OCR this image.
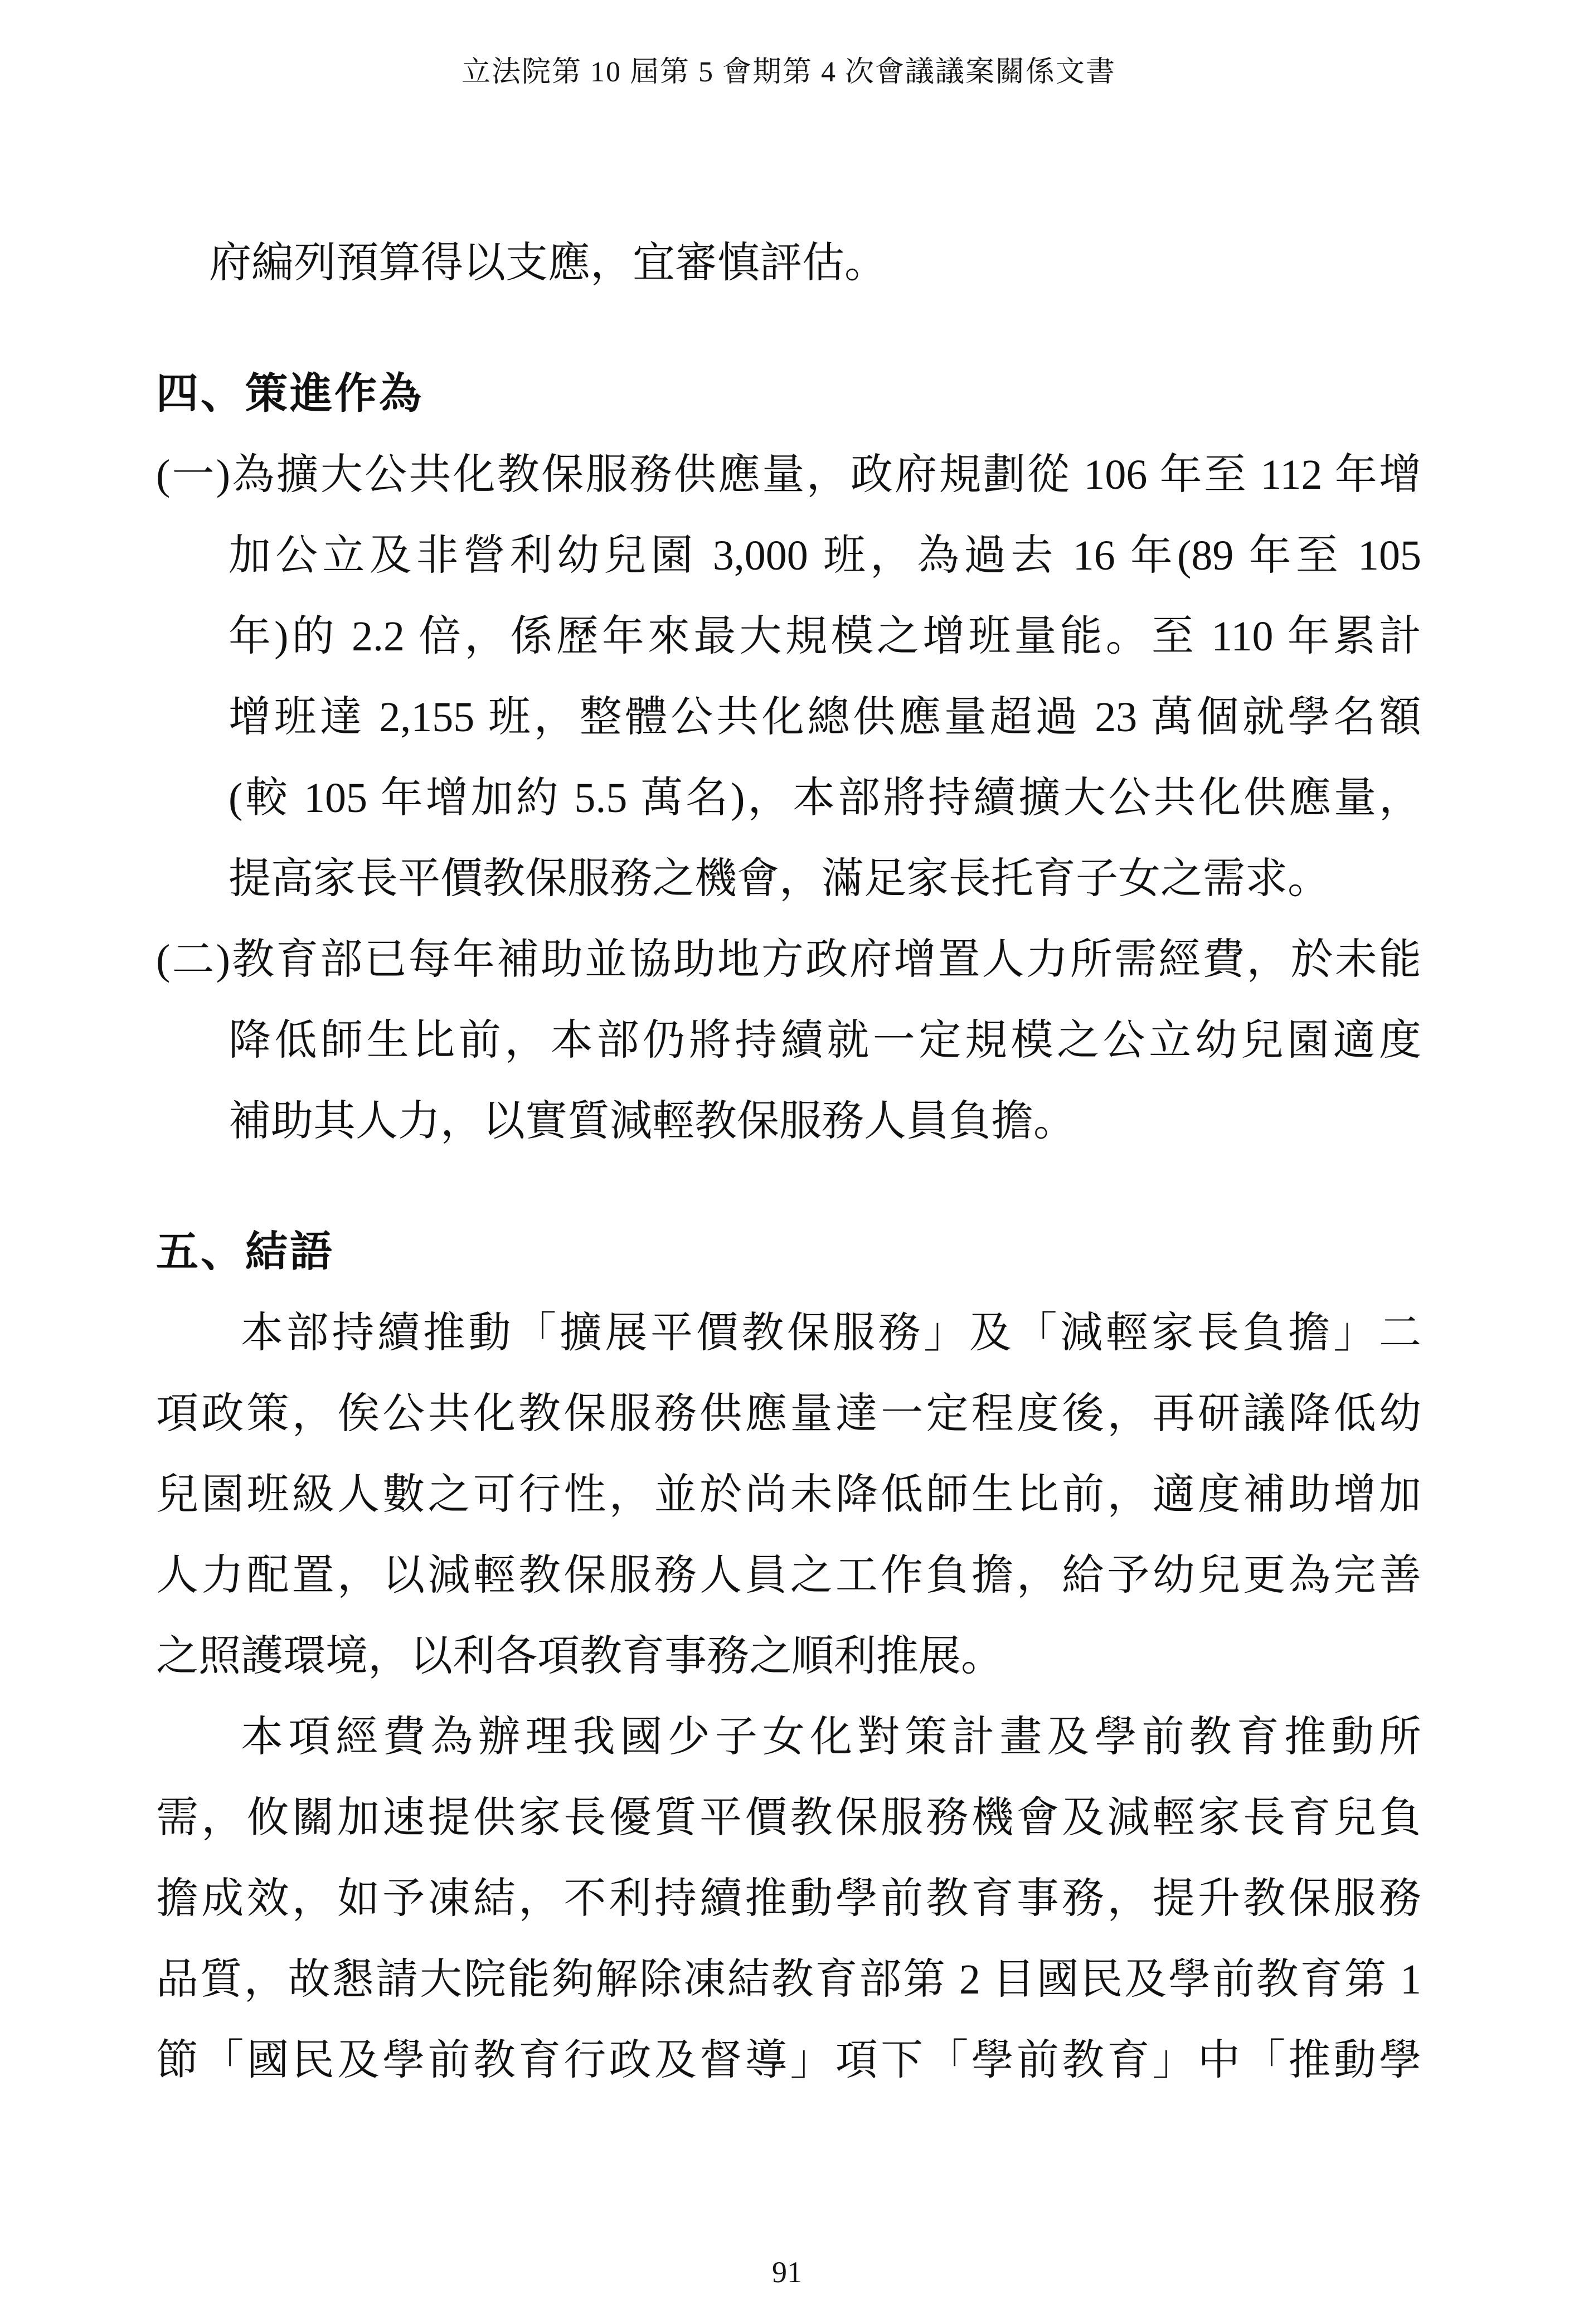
立法院第 10 屆第 5 會期第 4 次會議議案關係文書
府編列預算得以支應，宜審慎評估。
四、策進作為
(一)為擴大公共化教保服務供應量，政府規劃從 106 年至 112 年增
加公立及非營利幼兒園 3,000 班，為過去 16 年(89 年至 105
年)的 2.2 倍，係歷年來最大規模之增班量能。至 110 年累計
增班達 2,155 班，整體公共化總供應量超過 23 萬個就學名額
(較 105 年增加約 5.5 萬名)，本部將持續擴大公共化供應量，
提高家長平價教保服務之機會，滿足家長托育子女之需求。
(二)教育部已每年補助並協助地方政府增置人力所需經費，於未能
降低師生比前，本部仍將持續就一定規模之公立幼兒園適度
補助其人力，以實質減輕教保服務人員負擔。
五、結語
本部持續推動「擴展平價教保服務」及「減輕家長負擔」二
項政策，俟公共化教保服務供應量達一定程度後，再研議降低幼
兒園班級人數之可行性，並於尚未降低師生比前，適度補助增加
人力配置，以減輕教保服務人員之工作負擔，給予幼兒更為完善
之照護環境，以利各項教育事務之順利推展。
本項經費為辦理我國少子女化對策計畫及學前教育推動所
需，攸關加速提供家長優質平價教保服務機會及減輕家長育兒負
擔成效，如予凍結，不利持續推動學前教育事務，提升教保服務
品質，故懇請大院能夠解除凍結教育部第 2 目國民及學前教育第 1
節「國民及學前教育行政及督導」項下「學前教育」中「推動學
91
